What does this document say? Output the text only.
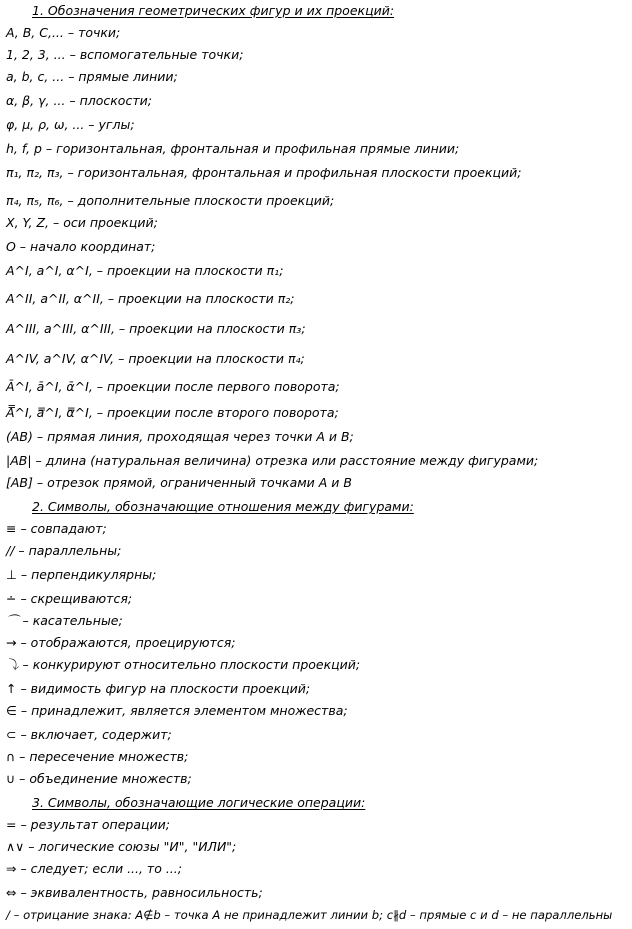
1. Обозначения геометрических фигур и их проекций:
A, B, C,... – точки;
1, 2, 3, ... – вспомогательные точки;
a, b, c, ... – прямые линии;
α, β, γ, ... – плоскости;
φ, μ, ρ, ω, ... – углы;
h, f, p – горизонтальная, фронтальная и профильная прямые линии;
π₁, π₂, π₃, – горизонтальная, фронтальная и профильная плоскости проекций;
π₄, π₅, π₆, – дополнительные плоскости проекций;
X, Y, Z, – оси проекций;
O – начало координат;
A^I, a^I, α^I, – проекции на плоскости π₁;
A^II, a^II, α^II, – проекции на плоскости π₂;
A^III, a^III, α^III, – проекции на плоскости π₃;
A^IV, a^IV, α^IV, – проекции на плоскости π₄;
Ā^I, ā^I, ᾱ^I, – проекции после первого поворота;
A̿^I, a̿^I, α̿^I, – проекции после второго поворота;
(AB) – прямая линия, проходящая через точки A и B;
|AB| – длина (натуральная величина) отрезка или расстояние между фигурами;
[AB] – отрезок прямой, ограниченный точками A и B
2. Символы, обозначающие отношения между фигурами:
≡ – совпадают;
// – параллельны;
⊥ – перпендикулярны;
∸ – скрещиваются;
⌒ – касательные;
→ – отображаются, проецируются;
⤵ – конкурируют относительно плоскости проекций;
↑ – видимость фигур на плоскости проекций;
∈ – принадлежит, является элементом множества;
⊂ – включает, содержит;
∩ – пересечение множеств;
∪ – объединение множеств;
3. Символы, обозначающие логические операции:
= – результат операции;
∧∨ – логические союзы "И", "ИЛИ";
⇒ – следует; если ..., то ...;
⇔ – эквивалентность, равносильность;
/ – отрицание знака: A∉b – точка A не принадлежит линии b; c∦d – прямые c и d – не параллельны
